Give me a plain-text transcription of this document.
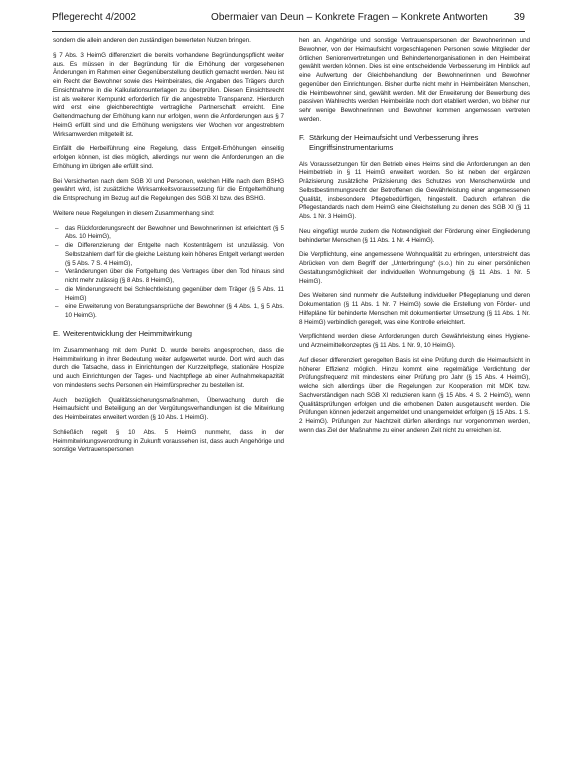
Pflegerecht 4/2002	Obermaier van Deun – Konkrete Fragen – Konkrete Antworten	39

sondern die allein anderen den zuständigen bewerteten Nutzen bringen.

§ 7 Abs. 3 HeimG differenziert die bereits vorhandene Begründungspflicht weiter aus. Es müssen in der Begründung für die Erhöhung der vorgesehenen Änderungen im Rahmen einer Gegenüberstellung deutlich gemacht werden. Neu ist ein Recht der Bewohner sowie des Heimbeirates, die Angaben des Trägers durch Einsichtnahme in die Kalkulationsunterlagen zu überprüfen. Diesen Einsichtsrecht ist als weiterer Kernpunkt erforderlich für die angestrebte Transparenz. Hierdurch wird erst eine gleichberechtigte vertragliche Partnerschaft erreicht. Eine Geltendmachung der Erhöhung kann nur erfolgen, wenn die Anforderungen aus § 7 HeimG erfüllt sind und die Erhöhung wenigstens vier Wochen vor angestrebtem Wirksamwerden mitgeteilt ist.

Einfällt die Herbeiführung eine Regelung, dass Entgelt-Erhöhungen einseitig erfolgen können, ist dies möglich, allerdings nur wenn die Anforderungen an die Erhöhung im übrigen alle erfüllt sind.

Bei Versicherten nach dem SGB XI und Personen, welchen Hilfe nach dem BSHG gewährt wird, ist zusätzliche Wirksamkeitsvoraussetzung für die Entgelterhöhung die Entsprechung im Bezug auf die Regelungen des SGB XI bzw. des BSHG.

Weitere neue Regelungen in diesem Zusammenhang sind:

– das Rückforderungsrecht der Bewohner und Bewohnerinnen ist erleichtert (§ 5 Abs. 10 HeimG),
– die Differenzierung der Entgelte nach Kostenträgern ist unzulässig. Von Selbstzahlern darf für die gleiche Leistung kein höheres Entgelt verlangt werden (§ 5 Abs. 7 S. 4 HeimG),
– Veränderungen über die Fortgeltung des Vertrages über den Tod hinaus sind nicht mehr zulässig (§ 8 Abs. 8 HeimG),
– die Minderungsrecht bei Schlechtleistung gegenüber dem Träger (§ 5 Abs. 11 HeimG)
– eine Erweiterung von Beratungsansprüche der Bewohner (§ 4 Abs. 1, § 5 Abs. 10 HeimG).
E. Weiterentwicklung der Heimmitwirkung

Im Zusammenhang mit dem Punkt D. wurde bereits angesprochen, dass die Heimmitwirkung in ihrer Bedeutung weiter aufgewertet wurde. Dort wird auch das durch die Tatsache, dass in Einrichtungen der Kurzzeitpflege, stationäre Hospize und auch Einrichtungen der Tages- und Nachtpflege ab einer Aufnahmekapazität von mindestens sechs Personen ein Heimfürsprecher zu bestellen ist.

Auch bezüglich Qualitätssicherungsmaßnahmen, Überwachung durch die Heimaufsicht und Beteiligung an der Vergütungsverhandlungen ist die Mitwirkung des Heimbeirates erweitert worden (§ 10 Abs. 1 HeimG).

Schließlich regelt § 10 Abs. 5 HeimG nunmehr, dass in der Heimmitwirkungsverordnung in Zukunft voraussehen ist, dass auch Angehörige und sonstige Vertrauenspersonen

hen an. Angehörige und sonstige Vertrauenspersonen der Bewohnerinnen und Bewohner, von der Heimaufsicht vorgeschlagenen Personen sowie Mitglieder der örtlichen Seniorenvertretungen und Behindertenorganisationen in den Heimbeirat gewählt werden können. Dies ist eine entscheidende Verbesserung im Hinblick auf eine Aufwertung der Gleichbehandlung der Bewohnerinnen und Bewohner gegenüber den Einrichtungen. Bisher durfte nicht mehr in Heimbeiräten Menschen, die Heimbewohner sind, gewählt werden. Mit der Erweiterung der Bewerbung des passiven Wahlrechts werden Heimbeiräte noch dort etabliert werden, wo bisher nur sehr wenige Bewohnerinnen und Bewohner kommen angemessen vertreten werden.

F. Stärkung der Heimaufsicht und Verbesserung ihres Eingriffsinstrumentariums

Als Voraussetzungen für den Betrieb eines Heims sind die Anforderungen an den Heimbetrieb in § 11 HeimG erweitert worden. So ist neben der ergänzen Präzisierung zusätzliche Präzisierung des Schutzes von Menschenwürde und Selbstbestimmungsrecht der Betroffenen die Gewährleistung einer angemessenen Qualität, insbesondere Pflegebedürftigen, hingestellt. Dadurch erfahren die Pflegestandards nach dem HeimG eine Gleichstellung zu denen des SGB XI (§ 11 Abs. 1 Nr. 3 HeimG).

Neu eingefügt wurde zudem die Notwendigkeit der Förderung einer Eingliederung behinderter Menschen (§ 11 Abs. 1 Nr. 4 HeimG).

Die Verpflichtung, eine angemessene Wohnqualität zu erbringen, unterstreicht das Abrücken von dem Begriff der „Unterbringung“ (s.o.) hin zu einer persönlichen Gestaltungsmöglichkeit der individuellen Wohnumgebung (§ 11 Abs. 1 Nr. 5 HeimG).

Des Weiteren sind nunmehr die Aufstellung individueller Pflegeplanung und deren Dokumentation (§ 11 Abs. 1 Nr. 7 HeimG) sowie die Erstellung von Förder- und Hilfepläne für behinderte Menschen mit dokumentierter Umsetzung (§ 11 Abs. 1 Nr. 8 HeimG) verbindlich geregelt, was eine Kontrolle erleichtert.

Verpflichtend werden diese Anforderungen durch Gewährleistung eines Hygiene- und Arzneimittelkonzeptes (§ 11 Abs. 1 Nr. 9, 10 HeimG).

Auf dieser differenziert geregelten Basis ist eine Prüfung durch die Heimaufsicht in höherer Effizienz möglich. Hinzu kommt eine regelmäßige Verdichtung der Prüfungsfrequenz mit mindestens einer Prüfung pro Jahr (§ 15 Abs. 4 HeimG), welche sich allerdings über die Regelungen zur Kooperation mit MDK bzw. Sachverständigen nach SGB XI reduzieren kann (§ 15 Abs. 4 S. 2 HeimG), wenn Qualitätsprüfungen erfolgen und die erhobenen Daten ausgetauscht werden. Die Prüfungen können jederzeit angemeldet und unangemeldet erfolgen (§ 15 Abs. 1 S. 2 HeimG). Prüfungen zur Nachtzeit dürfen allerdings nur vorgenommen werden, wenn das Ziel der Maßnahme zu einer anderen Zeit nicht zu erreichen ist.
